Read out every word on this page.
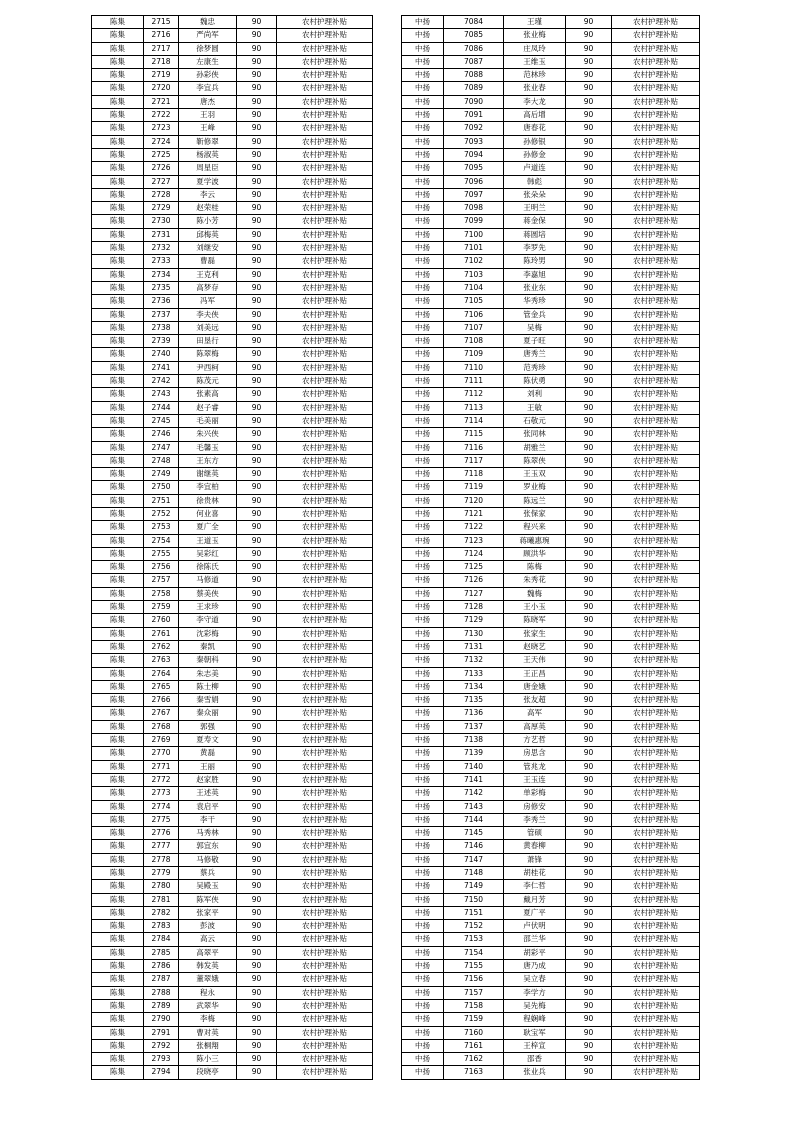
陈集	2715	魏忠	90	农村护理补贴
陈集	2716	严尚军	90	农村护理补贴
陈集	2717	徐梦圆	90	农村护理补贴
陈集	2718	左康生	90	农村护理补贴
陈集	2719	孙彩侠	90	农村护理补贴
陈集	2720	李宜兵	90	农村护理补贴
陈集	2721	唐杰	90	农村护理补贴
陈集	2722	王羽	90	农村护理补贴
陈集	2723	王峰	90	农村护理补贴
陈集	2724	靳修翠	90	农村护理补贴
陈集	2725	杨淑英	90	农村护理补贴
陈集	2726	周星臣	90	农村护理补贴
陈集	2727	夏学波	90	农村护理补贴
陈集	2728	李云	90	农村护理补贴
陈集	2729	赵荣桂	90	农村护理补贴
陈集	2730	陈小芳	90	农村护理补贴
陈集	2731	邱梅英	90	农村护理补贴
陈集	2732	刘继安	90	农村护理补贴
陈集	2733	曹磊	90	农村护理补贴
陈集	2734	王克利	90	农村护理补贴
陈集	2735	高梦存	90	农村护理补贴
陈集	2736	冯军	90	农村护理补贴
陈集	2737	李夫侠	90	农村护理补贴
陈集	2738	刘美远	90	农村护理补贴
陈集	2739	田垦行	90	农村护理补贴
陈集	2740	陈翠梅	90	农村护理补贴
陈集	2741	尹西柯	90	农村护理补贴
陈集	2742	陈茂元	90	农村护理补贴
陈集	2743	张素高	90	农村护理补贴
陈集	2744	赵子睿	90	农村护理补贴
陈集	2745	毛美丽	90	农村护理补贴
陈集	2746	朱兴侠	90	农村护理补贴
陈集	2747	毛馨玉	90	农村护理补贴
陈集	2748	王东方	90	农村护理补贴
陈集	2749	谢继英	90	农村护理补贴
陈集	2750	李宜柏	90	农村护理补贴
陈集	2751	徐贵林	90	农村护理补贴
陈集	2752	何业喜	90	农村护理补贴
陈集	2753	夏广全	90	农村护理补贴
陈集	2754	王道玉	90	农村护理补贴
陈集	2755	吴彩红	90	农村护理补贴
陈集	2756	徐陈氏	90	农村护理补贴
陈集	2757	马修道	90	农村护理补贴
陈集	2758	蔡美侠	90	农村护理补贴
陈集	2759	王求珍	90	农村护理补贴
陈集	2760	李守道	90	农村护理补贴
陈集	2761	沈彩梅	90	农村护理补贴
陈集	2762	秦凯	90	农村护理补贴
陈集	2763	秦朝科	90	农村护理补贴
陈集	2764	朱志美	90	农村护理补贴
陈集	2765	陈士柳	90	农村护理补贴
陈集	2766	秦雪娟	90	农村护理补贴
陈集	2767	秦众丽	90	农村护理补贴
陈集	2768	郭强	90	农村护理补贴
陈集	2769	夏寿文	90	农村护理补贴
陈集	2770	黄磊	90	农村护理补贴
陈集	2771	王丽	90	农村护理补贴
陈集	2772	赵家胜	90	农村护理补贴
陈集	2773	王述英	90	农村护理补贴
陈集	2774	袁启平	90	农村护理补贴
陈集	2775	李干	90	农村护理补贴
陈集	2776	马秀林	90	农村护理补贴
陈集	2777	郭宜东	90	农村护理补贴
陈集	2778	马修敬	90	农村护理补贴
陈集	2779	蔡兵	90	农村护理补贴
陈集	2780	吴殿玉	90	农村护理补贴
陈集	2781	陈军侠	90	农村护理补贴
陈集	2782	张家平	90	农村护理补贴
陈集	2783	彭波	90	农村护理补贴
陈集	2784	高云	90	农村护理补贴
陈集	2785	高翠平	90	农村护理补贴
陈集	2786	韩发英	90	农村护理补贴
陈集	2787	董翠娥	90	农村护理补贴
陈集	2788	程永	90	农村护理补贴
陈集	2789	武翠华	90	农村护理补贴
陈集	2790	李梅	90	农村护理补贴
陈集	2791	曹对英	90	农村护理补贴
陈集	2792	张桐翔	90	农村护理补贴
陈集	2793	陈小三	90	农村护理补贴
陈集	2794	段晓亭	90	农村护理补贴
中扬	7084	王瑾	90	农村护理补贴
中扬	7085	张业梅	90	农村护理补贴
中扬	7086	庄凤玲	90	农村护理补贴
中扬	7087	王维玉	90	农村护理补贴
中扬	7088	范林珍	90	农村护理补贴
中扬	7089	张业春	90	农村护理补贴
中扬	7090	李大龙	90	农村护理补贴
中扬	7091	高后增	90	农村护理补贴
中扬	7092	唐春花	90	农村护理补贴
中扬	7093	孙修银	90	农村护理补贴
中扬	7094	孙修金	90	农村护理补贴
中扬	7095	卢道连	90	农村护理补贴
中扬	7096	韩彪	90	农村护理补贴
中扬	7097	张朵朵	90	农村护理补贴
中扬	7098	王明兰	90	农村护理补贴
中扬	7099	蒋金保	90	农村护理补贴
中扬	7100	蒋圆培	90	农村护理补贴
中扬	7101	李罗先	90	农村护理补贴
中扬	7102	陈玲男	90	农村护理补贴
中扬	7103	李嘉旭	90	农村护理补贴
中扬	7104	张业东	90	农村护理补贴
中扬	7105	华秀珍	90	农村护理补贴
中扬	7106	管金兵	90	农村护理补贴
中扬	7107	吴梅	90	农村护理补贴
中扬	7108	夏子旺	90	农村护理补贴
中扬	7109	唐秀兰	90	农村护理补贴
中扬	7110	范秀珍	90	农村护理补贴
中扬	7111	陈伏勇	90	农村护理补贴
中扬	7112	刘利	90	农村护理补贴
中扬	7113	王敏	90	农村护理补贴
中扬	7114	石敬元	90	农村护理补贴
中扬	7115	张同林	90	农村护理补贴
中扬	7116	胡雅兰	90	农村护理补贴
中扬	7117	陈翠侠	90	农村护理补贴
中扬	7118	王玉双	90	农村护理补贴
中扬	7119	罗业梅	90	农村护理补贴
中扬	7120	陈远兰	90	农村护理补贴
中扬	7121	张保家	90	农村护理补贴
中扬	7122	程兴来	90	农村护理补贴
中扬	7123	蒋曦惠琬	90	农村护理补贴
中扬	7124	顾洪华	90	农村护理补贴
中扬	7125	陈梅	90	农村护理补贴
中扬	7126	朱秀花	90	农村护理补贴
中扬	7127	魏梅	90	农村护理补贴
中扬	7128	王小玉	90	农村护理补贴
中扬	7129	陈晓军	90	农村护理补贴
中扬	7130	张家生	90	农村护理补贴
中扬	7131	赵晓艺	90	农村护理补贴
中扬	7132	王天伟	90	农村护理补贴
中扬	7133	王正昌	90	农村护理补贴
中扬	7134	唐金娥	90	农村护理补贴
中扬	7135	张友超	90	农村护理补贴
中扬	7136	高军	90	农村护理补贴
中扬	7137	高厚英	90	农村护理补贴
中扬	7138	方艺哲	90	农村护理补贴
中扬	7139	房思含	90	农村护理补贴
中扬	7140	管兆龙	90	农村护理补贴
中扬	7141	王玉连	90	农村护理补贴
中扬	7142	单彩梅	90	农村护理补贴
中扬	7143	房修安	90	农村护理补贴
中扬	7144	李秀兰	90	农村护理补贴
中扬	7145	管硕	90	农村护理补贴
中扬	7146	黄春柳	90	农村护理补贴
中扬	7147	萧锋	90	农村护理补贴
中扬	7148	胡桂花	90	农村护理补贴
中扬	7149	李仁哲	90	农村护理补贴
中扬	7150	戴月芳	90	农村护理补贴
中扬	7151	夏广平	90	农村护理补贴
中扬	7152	卢伏明	90	农村护理补贴
中扬	7153	邵兰华	90	农村护理补贴
中扬	7154	胡彩平	90	农村护理补贴
中扬	7155	唐乃成	90	农村护理补贴
中扬	7156	吴立春	90	农村护理补贴
中扬	7157	李学方	90	农村护理补贴
中扬	7158	吴先梅	90	农村护理补贴
中扬	7159	程娴峰	90	农村护理补贴
中扬	7160	耿宝军	90	农村护理补贴
中扬	7161	王梓宣	90	农村护理补贴
中扬	7162	邵香	90	农村护理补贴
中扬	7163	张业兵	90	农村护理补贴
